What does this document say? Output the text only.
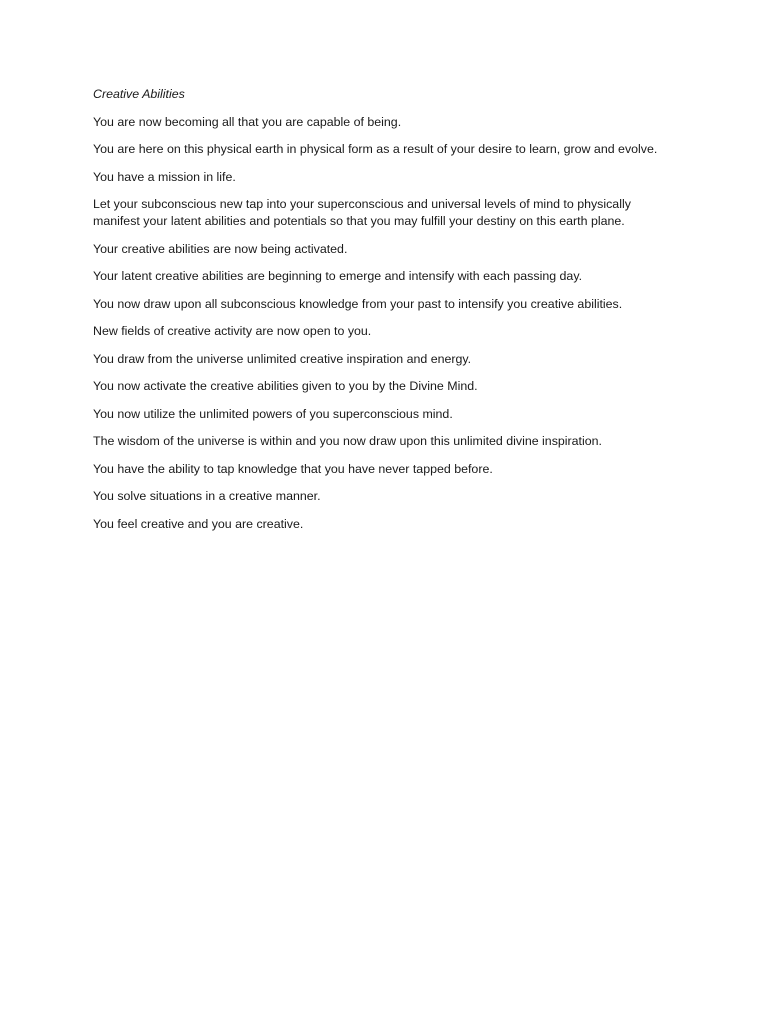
Creative Abilities

You are now becoming all that you are capable of being.

You are here on this physical earth in physical form as a result of your desire to learn, grow and evolve.

You have a mission in life.

Let your subconscious new tap into your superconscious and universal levels of mind to physically manifest your latent abilities and potentials so that you may fulfill your destiny on this earth plane.

Your creative abilities are now being activated.

Your latent creative abilities are beginning to emerge and intensify with each passing day.

You now draw upon all subconscious knowledge from your past to intensify you creative abilities.

New fields of creative activity are now open to you.

You draw from the universe unlimited creative inspiration and energy.

You now activate the creative abilities given to you by the Divine Mind.

You now utilize the unlimited powers of you superconscious mind.

The wisdom of the universe is within and you now draw upon this unlimited divine inspiration.

You have the ability to tap knowledge that you have never tapped before.

You solve situations in a creative manner.

You feel creative and you are creative.
